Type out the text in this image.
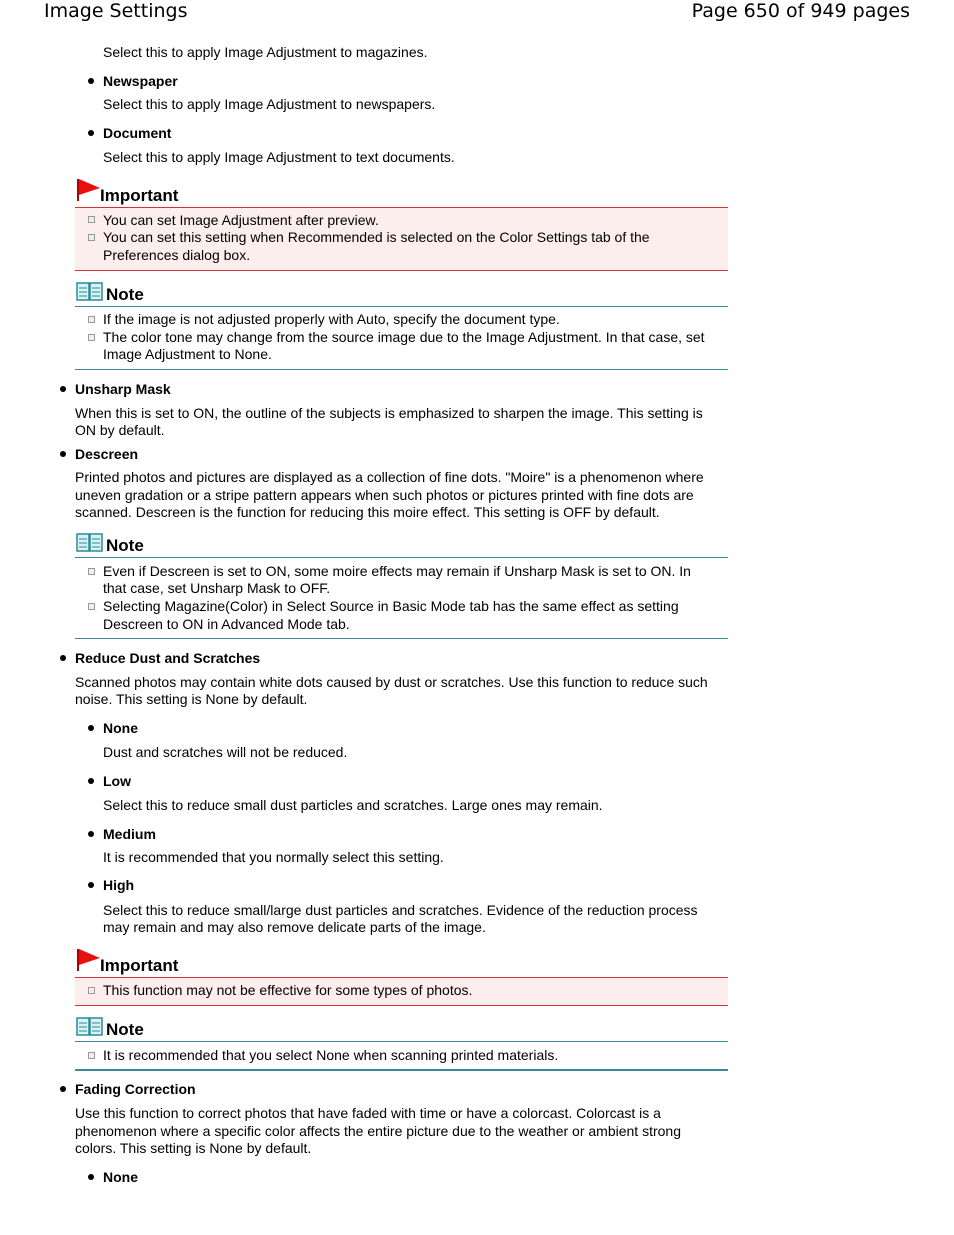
Image Settings	Page 650 of 949 pages
Select this to apply Image Adjustment to magazines.
Newspaper
Select this to apply Image Adjustment to newspapers.
Document
Select this to apply Image Adjustment to text documents.
Important
You can set Image Adjustment after preview.
You can set this setting when Recommended is selected on the Color Settings tab of the
Preferences dialog box.
Note
If the image is not adjusted properly with Auto, specify the document type.
The color tone may change from the source image due to the Image Adjustment. In that case, set
Image Adjustment to None.
Unsharp Mask
When this is set to ON, the outline of the subjects is emphasized to sharpen the image. This setting is
ON by default.
Descreen
Printed photos and pictures are displayed as a collection of fine dots. "Moire" is a phenomenon where
uneven gradation or a stripe pattern appears when such photos or pictures printed with fine dots are
scanned. Descreen is the function for reducing this moire effect. This setting is OFF by default.
Note
Even if Descreen is set to ON, some moire effects may remain if Unsharp Mask is set to ON. In
that case, set Unsharp Mask to OFF.
Selecting Magazine(Color) in Select Source in Basic Mode tab has the same effect as setting
Descreen to ON in Advanced Mode tab.
Reduce Dust and Scratches
Scanned photos may contain white dots caused by dust or scratches. Use this function to reduce such
noise. This setting is None by default.
None
Dust and scratches will not be reduced.
Low
Select this to reduce small dust particles and scratches. Large ones may remain.
Medium
It is recommended that you normally select this setting.
High
Select this to reduce small/large dust particles and scratches. Evidence of the reduction process
may remain and may also remove delicate parts of the image.
Important
This function may not be effective for some types of photos.
Note
It is recommended that you select None when scanning printed materials.
Fading Correction
Use this function to correct photos that have faded with time or have a colorcast. Colorcast is a
phenomenon where a specific color affects the entire picture due to the weather or ambient strong
colors. This setting is None by default.
None
